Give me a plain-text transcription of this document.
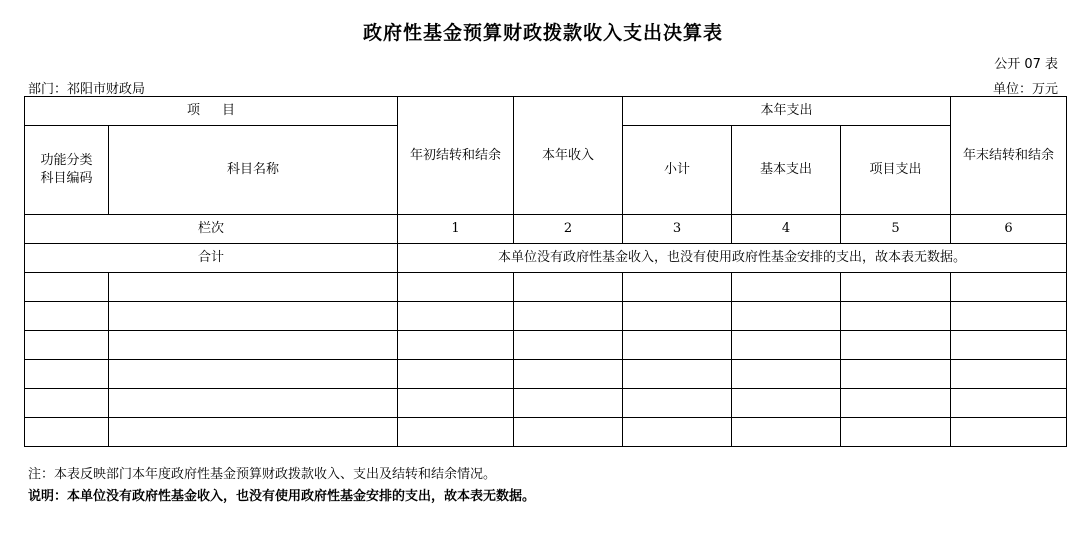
政府性基金预算财政拨款收入支出决算表
公开 07 表
部门：祁阳市财政局	单位：万元
项目		年初结转和结余	本年收入	本年支出			年末结转和结余
功能分类
科目编码	科目名称			小计	基本支出	项目支出	
栏次		1	2	3	4	5	6
合计		本单位没有政府性基金收入，也没有使用政府性基金安排的支出，故本表无数据。					

注：本表反映部门本年度政府性基金预算财政拨款收入、支出及结转和结余情况。
说明：本单位没有政府性基金收入，也没有使用政府性基金安排的支出，故本表无数据。
